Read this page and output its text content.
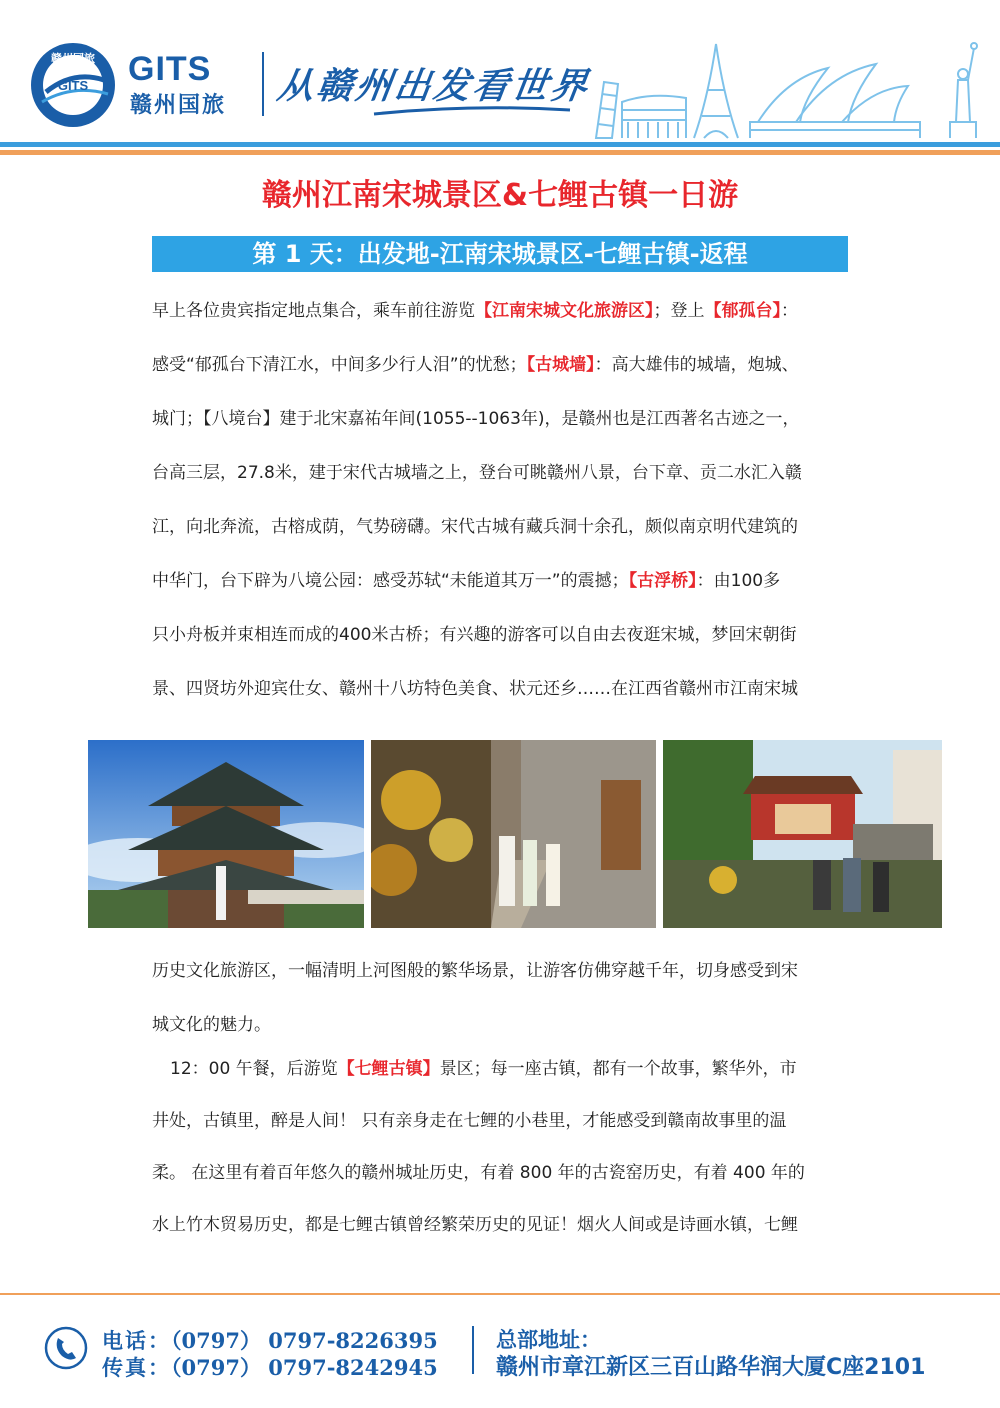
赣州国旅
GITS GITS
赣州国旅 从赣州出发看世界
赣州江南宋城景区&七鲤古镇一日游
第 1 天：出发地-江南宋城景区-七鲤古镇-返程
早上各位贵宾指定地点集合，乘车前往游览【江南宋城文化旅游区】；登上【郁孤台】：
感受“郁孤台下清江水，中间多少行人泪”的忧愁；【古城墙】：高大雄伟的城墙，炮城、
城门；【八境台】建于北宋嘉祐年间(1055--1063年)，是赣州也是江西著名古迹之一，
台高三层，27.8米，建于宋代古城墙之上，登台可眺赣州八景，台下章、贡二水汇入赣
江，向北奔流，古榕成荫，气势磅礴。宋代古城有藏兵洞十余孔，颇似南京明代建筑的
中华门，台下辟为八境公园：感受苏轼“未能道其万一”的震撼；【古浮桥】：由100多
只小舟板并束相连而成的400米古桥；有兴趣的游客可以自由去夜逛宋城，梦回宋朝街
景、四贤坊外迎宾仕女、赣州十八坊特色美食、状元还乡……在江西省赣州市江南宋城
历史文化旅游区，一幅清明上河图般的繁华场景，让游客仿佛穿越千年，切身感受到宋
城文化的魅力。
12：00 午餐，后游览【七鲤古镇】景区；每一座古镇，都有一个故事，繁华外，市
井处，古镇里，醉是人间！ 只有亲身走在七鲤的小巷里，才能感受到赣南故事里的温
柔。 在这里有着百年悠久的赣州城址历史，有着 800 年的古瓷窑历史，有着 400 年的
水上竹木贸易历史，都是七鲤古镇曾经繁荣历史的见证！烟火人间或是诗画水镇，七鲤
电话：（0797） 0797-8226395
传真：（0797） 0797-8242945
总部地址：
赣州市章江新区三百山路华润大厦C座2101
